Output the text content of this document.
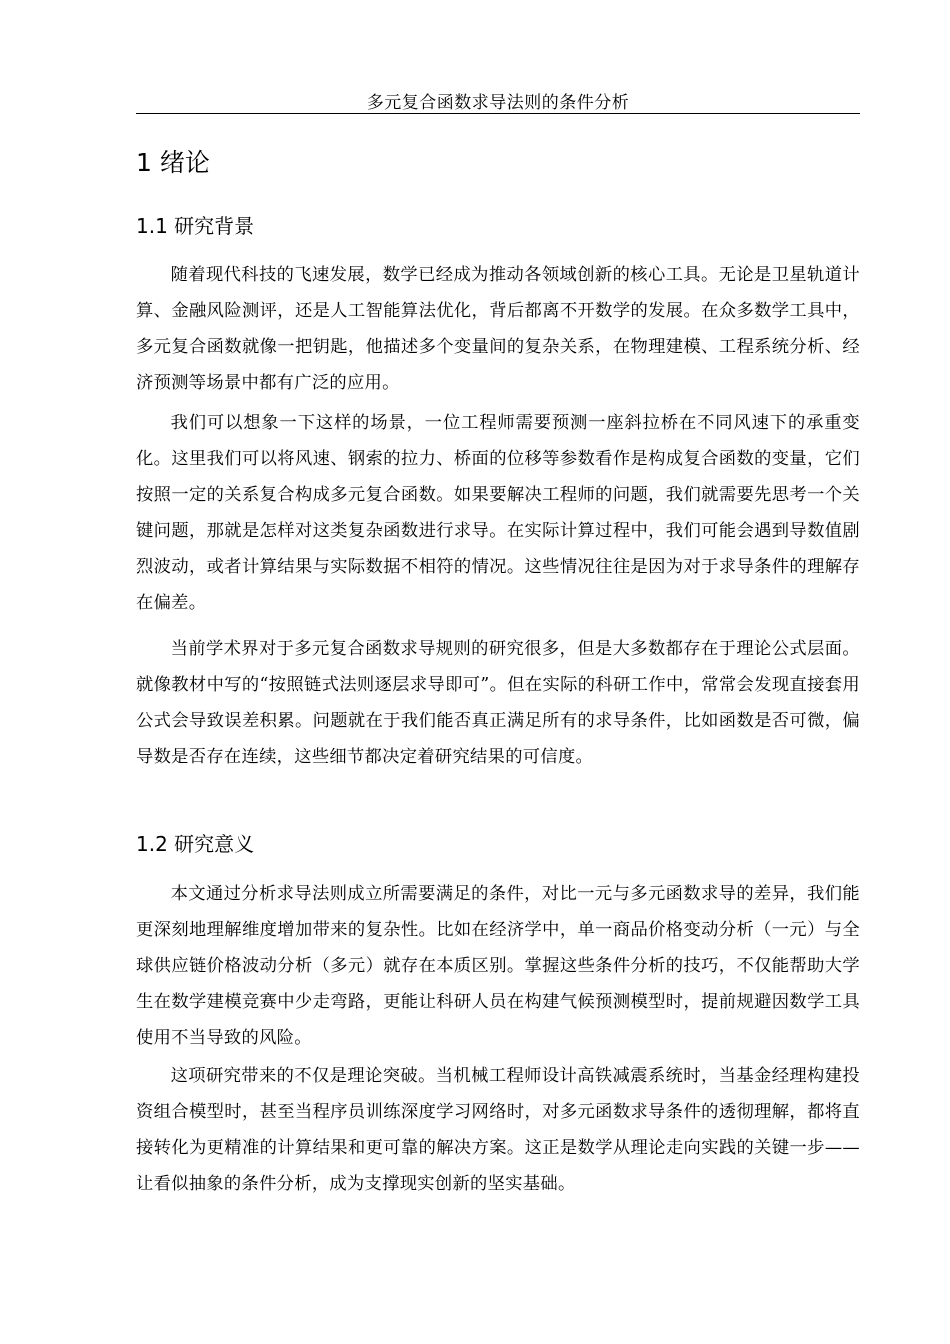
多元复合函数求导法则的条件分析
1 绪论
1.1 研究背景

随着现代科技的飞速发展，数学已经成为推动各领域创新的核心工具。无论是卫星轨道计算、金融风险测评，还是人工智能算法优化，背后都离不开数学的发展。在众多数学工具中，多元复合函数就像一把钥匙，他描述多个变量间的复杂关系，在物理建模、工程系统分析、经济预测等场景中都有广泛的应用。

我们可以想象一下这样的场景，一位工程师需要预测一座斜拉桥在不同风速下的承重变化。这里我们可以将风速、钢索的拉力、桥面的位移等参数看作是构成复合函数的变量，它们按照一定的关系复合构成多元复合函数。如果要解决工程师的问题，我们就需要先思考一个关键问题，那就是怎样对这类复杂函数进行求导。在实际计算过程中，我们可能会遇到导数值剧烈波动，或者计算结果与实际数据不相符的情况。这些情况往往是因为对于求导条件的理解存在偏差。

当前学术界对于多元复合函数求导规则的研究很多，但是大多数都存在于理论公式层面。就像教材中写的“按照链式法则逐层求导即可”。但在实际的科研工作中，常常会发现直接套用公式会导致误差积累。问题就在于我们能否真正满足所有的求导条件，比如函数是否可微，偏导数是否存在连续，这些细节都决定着研究结果的可信度。

1.2 研究意义

本文通过分析求导法则成立所需要满足的条件，对比一元与多元函数求导的差异，我们能更深刻地理解维度增加带来的复杂性。比如在经济学中，单一商品价格变动分析（一元）与全球供应链价格波动分析（多元）就存在本质区别。掌握这些条件分析的技巧，不仅能帮助大学生在数学建模竞赛中少走弯路，更能让科研人员在构建气候预测模型时，提前规避因数学工具使用不当导致的风险。

这项研究带来的不仅是理论突破。当机械工程师设计高铁减震系统时，当基金经理构建投资组合模型时，甚至当程序员训练深度学习网络时，对多元函数求导条件的透彻理解，都将直接转化为更精准的计算结果和更可靠的解决方案。这正是数学从理论走向实践的关键一步——让看似抽象的条件分析，成为支撑现实创新的坚实基础。
